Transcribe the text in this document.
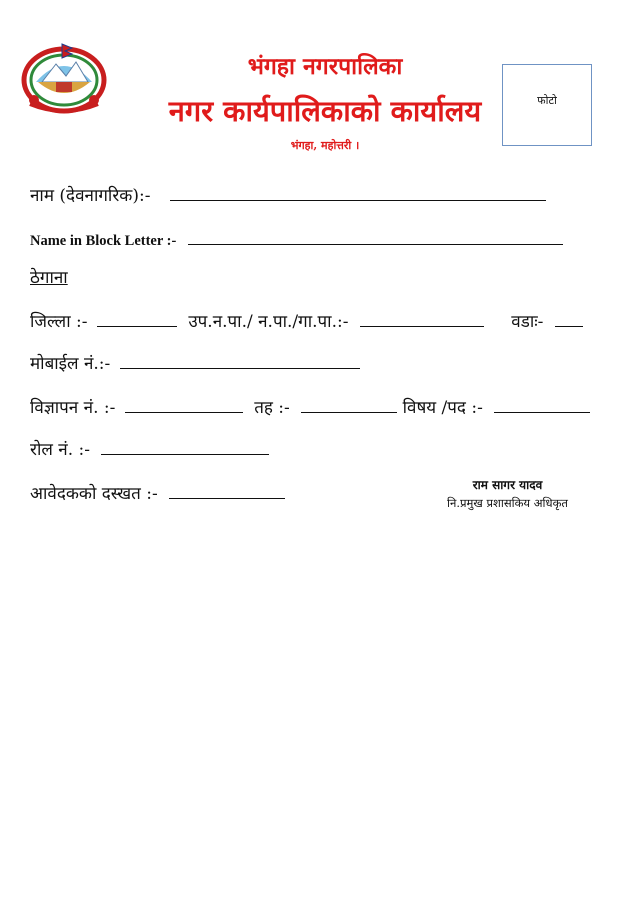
भंगहा नगरपालिका
नगर कार्यपालिकाको कार्यालय
भंगहा, महोत्तरी ।
फोटो
नाम (देवनागरिक):-
Name in Block Letter :-
ठेगाना
जिल्ला :-	उप.न.पा./ न.पा./गा.पा.:-	वडाः-
मोबाईल नं.:-
विज्ञापन नं. :-	तह :-	विषय /पद :-
रोल नं. :-
आवेदकको दस्खत :-	राम सागर यादव
नि.प्रमुख प्रशासकिय अधिकृत
